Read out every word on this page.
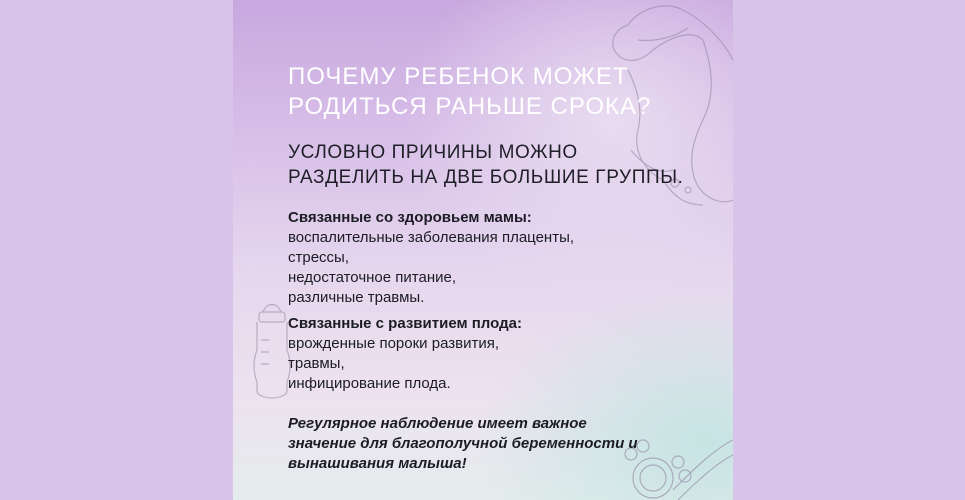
ПОЧЕМУ РЕБЕНОК МОЖЕТ
РОДИТЬСЯ РАНЬШЕ СРОКА?
УСЛОВНО ПРИЧИНЫ МОЖНО
РАЗДЕЛИТЬ НА ДВЕ БОЛЬШИЕ ГРУППЫ.
Связанные со здоровьем мамы:
воспалительные заболевания плаценты,
стрессы,
недостаточное питание,
различные травмы.
Связанные с развитием плода:
врожденные пороки развития,
травмы,
инфицирование плода.
Регулярное наблюдение имеет важное
значение для благополучной беременности и
вынашивания малыша!
